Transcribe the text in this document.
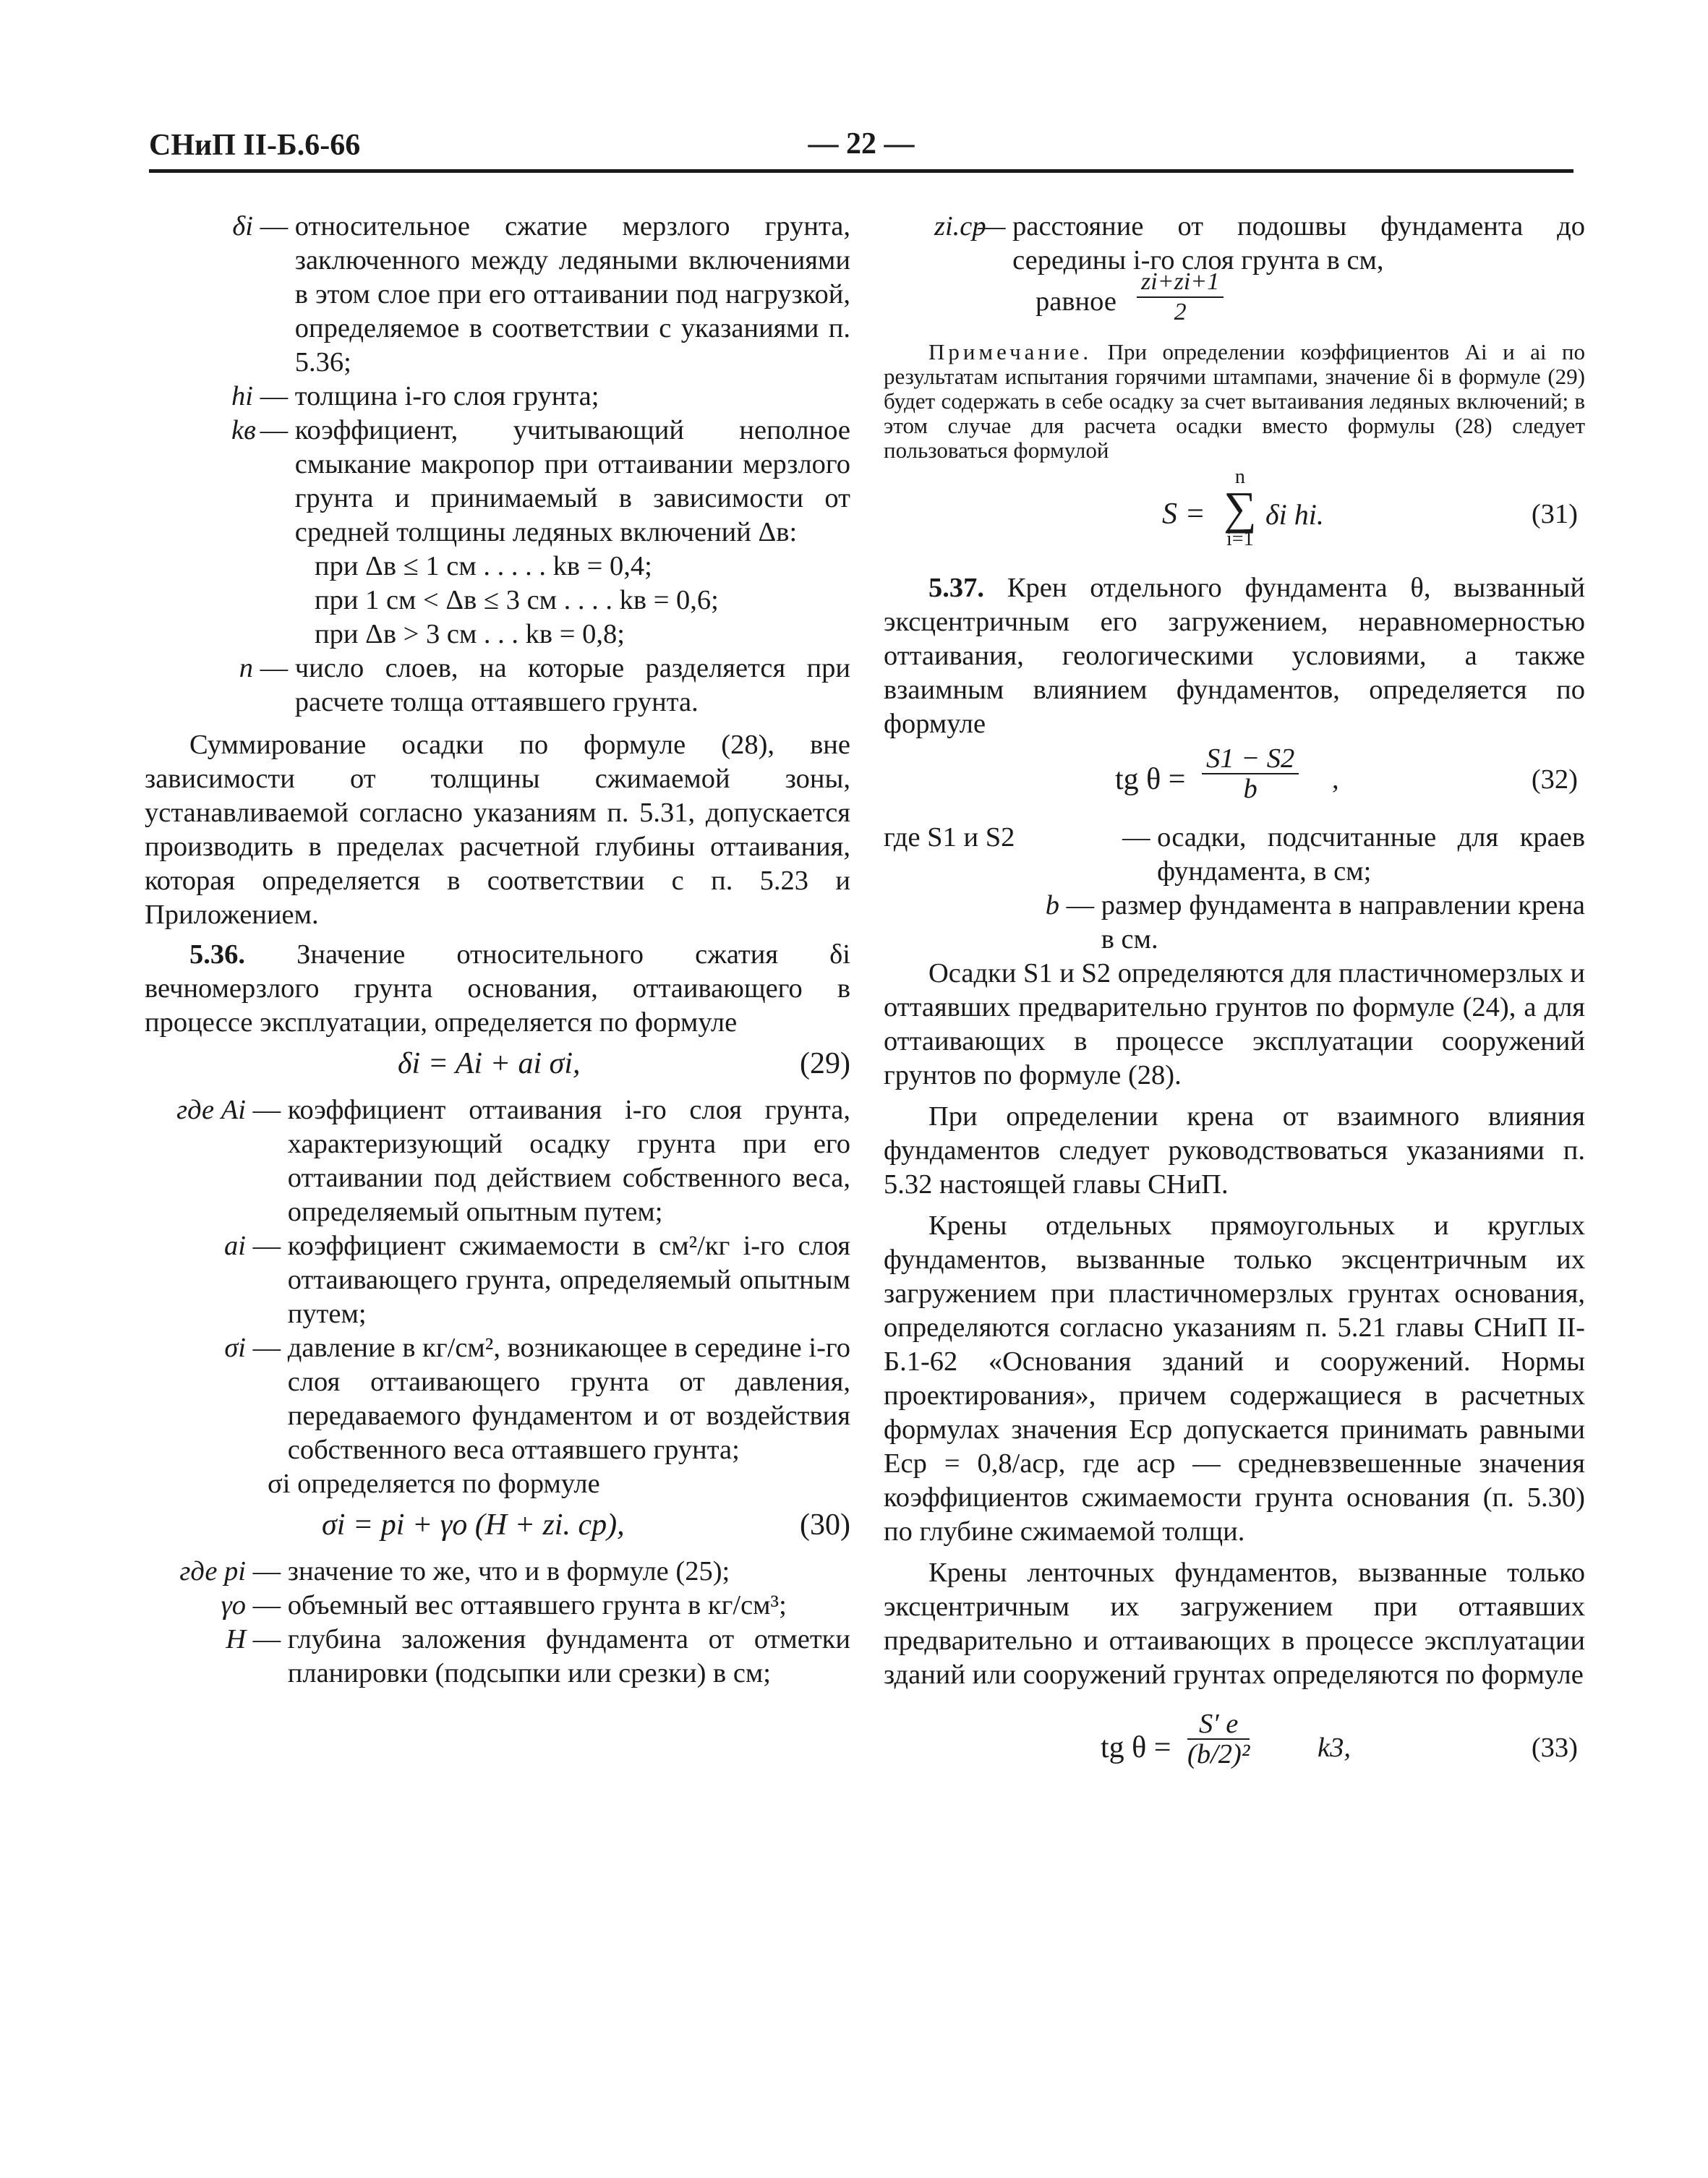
СНиП II-Б.6-66	— 22 —
δi — относительное сжатие мерзлого грунта, заключенного между ледяными включениями в этом слое при его оттаивании под нагрузкой, определяемое в соответствии с указаниями п. 5.36;

hi — толщина i-го слоя грунта;

kв
— коэффициент, учитывающий неполное смыкание макропор при оттаивании мерзлого грунта и принимаемый в зависимости от средней толщины ледяных включений Δв:

при Δв ≤ 1 см . . . . . kв = 0,4;
при 1 см < Δв ≤ 3 см . . . . kв = 0,6;
при Δв > 3 см . . . kв = 0,8;
n — число слоев, на которые разделяется при расчете толща оттаявшего грунта.

Суммирование осадки по формуле (28), вне зависимости от толщины сжимаемой зоны, устанавливаемой согласно указаниям п. 5.31, допускается производить в пределах расчетной глубины оттаивания, которая определяется в соответствии с п. 5.23 и Приложением.

5.36. Значение относительного сжатия δi вечномерзлого грунта основания, оттаивающего в процессе эксплуатации, определяется по формуле

δi = Ai + ai σi,	(29)
где Ai — коэффициент оттаивания i-го слоя грунта, характеризующий осадку грунта при его оттаивании под действием собственного веса, определяемый опытным путем;

ai — коэффициент сжимаемости в см²/кг i-го слоя оттаивающего грунта, определяемый опытным путем;

σi — давление в кг/см², возникающее в середине i-го слоя оттаивающего грунта от давления, передаваемого фундаментом и от воздействия собственного веса оттаявшего грунта;

σi определяется по формуле
σi = pi + γo (H + zi. ср),	(30)
где pi — значение то же, что и в формуле (25);

γo — объемный вес оттаявшего грунта в кг/см³;

H — глубина заложения фундамента от отметки планировки (подсыпки или срезки) в см;

zi.ср
— расстояние от подошвы фундамента до середины i-го слоя грунта в см,

равное $\frac{zi+zi+1}{2}$

Примечание. При определении коэффициентов Ai и ai по результатам испытания горячими штампами, значение δi в формуле (29) будет содержать в себе осадку за счет вытаивания ледяных включений; в этом случае для расчета осадки вместо формулы (28) следует пользоваться формулой

S =
n
∑
i=1
δi hi.	(31)

5.37. Крен отдельного фундамента θ, вызванный эксцентричным его загружением, неравномерностью оттаивания, геологическими условиями, а также взаимным влиянием фундаментов, определяется по формуле

tg $\theta = \frac{S1 - S2}{b}$ ,	(32)
где S1 и S2	— осадки, подсчитанные для краев фундамента, в см;

b — размер фундамента в направлении крена в см.

Осадки S1 и S2 определяются для пластичномерзлых и оттаявших предварительно грунтов по формуле (24), а для оттаивающих в процессе эксплуатации сооружений грунтов по формуле (28).

При определении крена от взаимного влияния фундаментов следует руководствоваться указаниями п. 5.32 настоящей главы СНиП.

Крены отдельных прямоугольных и круглых фундаментов, вызванные только эксцентричным их загружением при пластичномерзлых грунтах основания, определяются согласно указаниям п. 5.21 главы СНиП II-Б.1-62 «Основания зданий и сооружений. Нормы проектирования», причем содержащиеся в расчетных формулах значения Eср допускается принимать равными Eср = 0,8/aср, где aср — средневзвешенные значения коэффициентов сжимаемости грунта основания (п. 5.30) по глубине сжимаемой толщи.

Крены ленточных фундаментов, вызванные только эксцентричным их загружением при оттаявших предварительно и оттаивающих в процессе эксплуатации зданий или сооружений грунтах определяются по формуле

tg $\theta = \frac{S' e}{\text{(b/2)²}} k3$,	(33)
